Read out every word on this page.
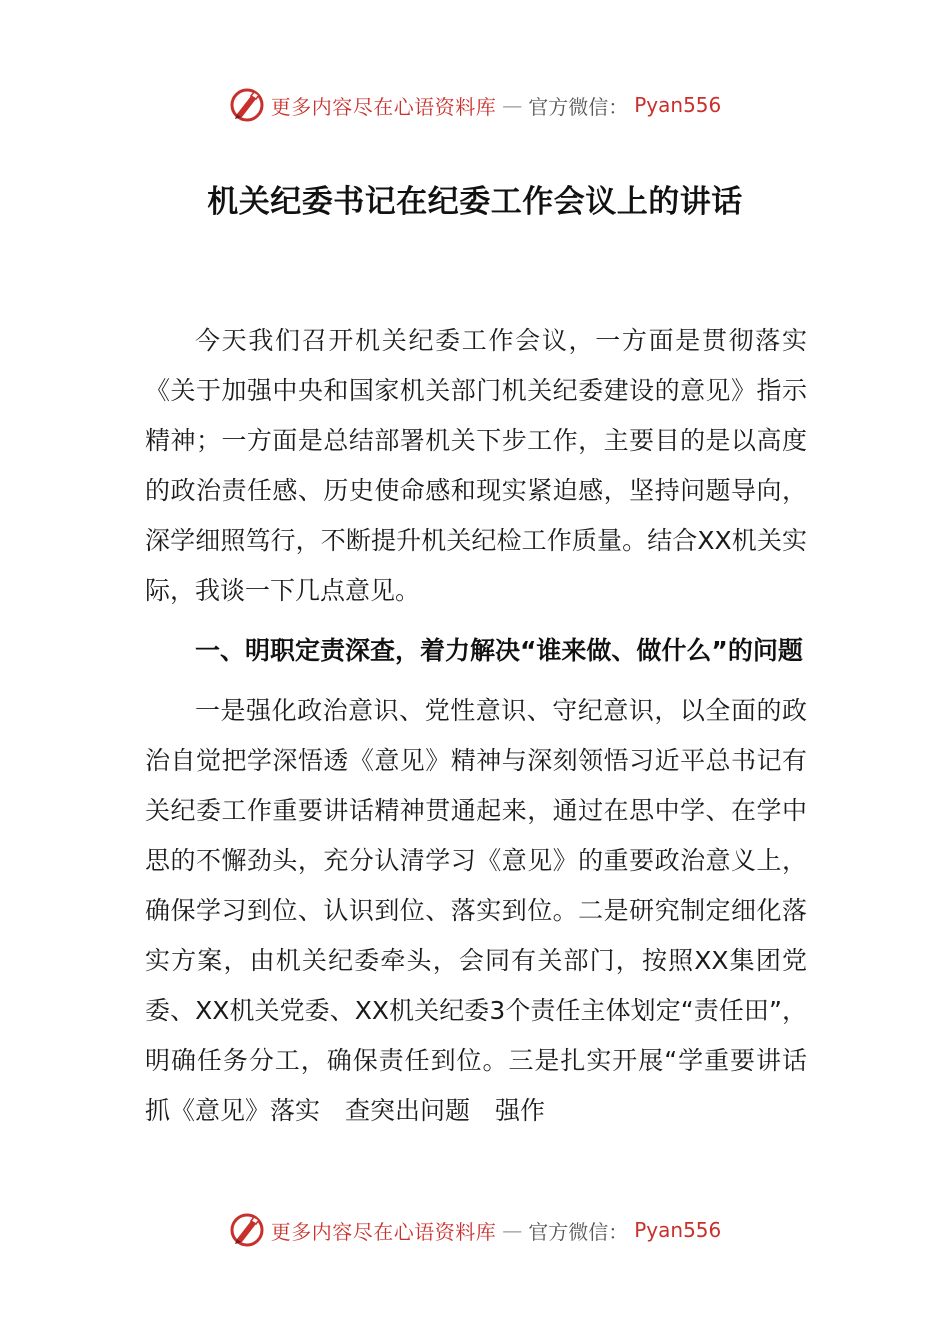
更多内容尽在心语资料库 — 官方微信： Pyan556
机关纪委书记在纪委工作会议上的讲话

今天我们召开机关纪委工作会议，一方面是贯彻落实《关于加强中央和国家机关部门机关纪委建设的意见》指示精神；一方面是总结部署机关下步工作，主要目的是以高度的政治责任感、历史使命感和现实紧迫感，坚持问题导向，深学细照笃行，不断提升机关纪检工作质量。结合XX机关实际，我谈一下几点意见。

一、明职定责深查，着力解决“谁来做、做什么”的问题

一是强化政治意识、党性意识、守纪意识，以全面的政治自觉把学深悟透《意见》精神与深刻领悟习近平总书记有关纪委工作重要讲话精神贯通起来，通过在思中学、在学中思的不懈劲头，充分认清学习《意见》的重要政治意义上，确保学习到位、认识到位、落实到位。二是研究制定细化落实方案，由机关纪委牵头，会同有关部门，按照XX集团党委、XX机关党委、XX机关纪委3个责任主体划定“责任田”，明确任务分工，确保责任到位。三是扎实开展“学重要讲话　抓《意见》落实　查突出问题　强作

更多内容尽在心语资料库 — 官方微信： Pyan556
